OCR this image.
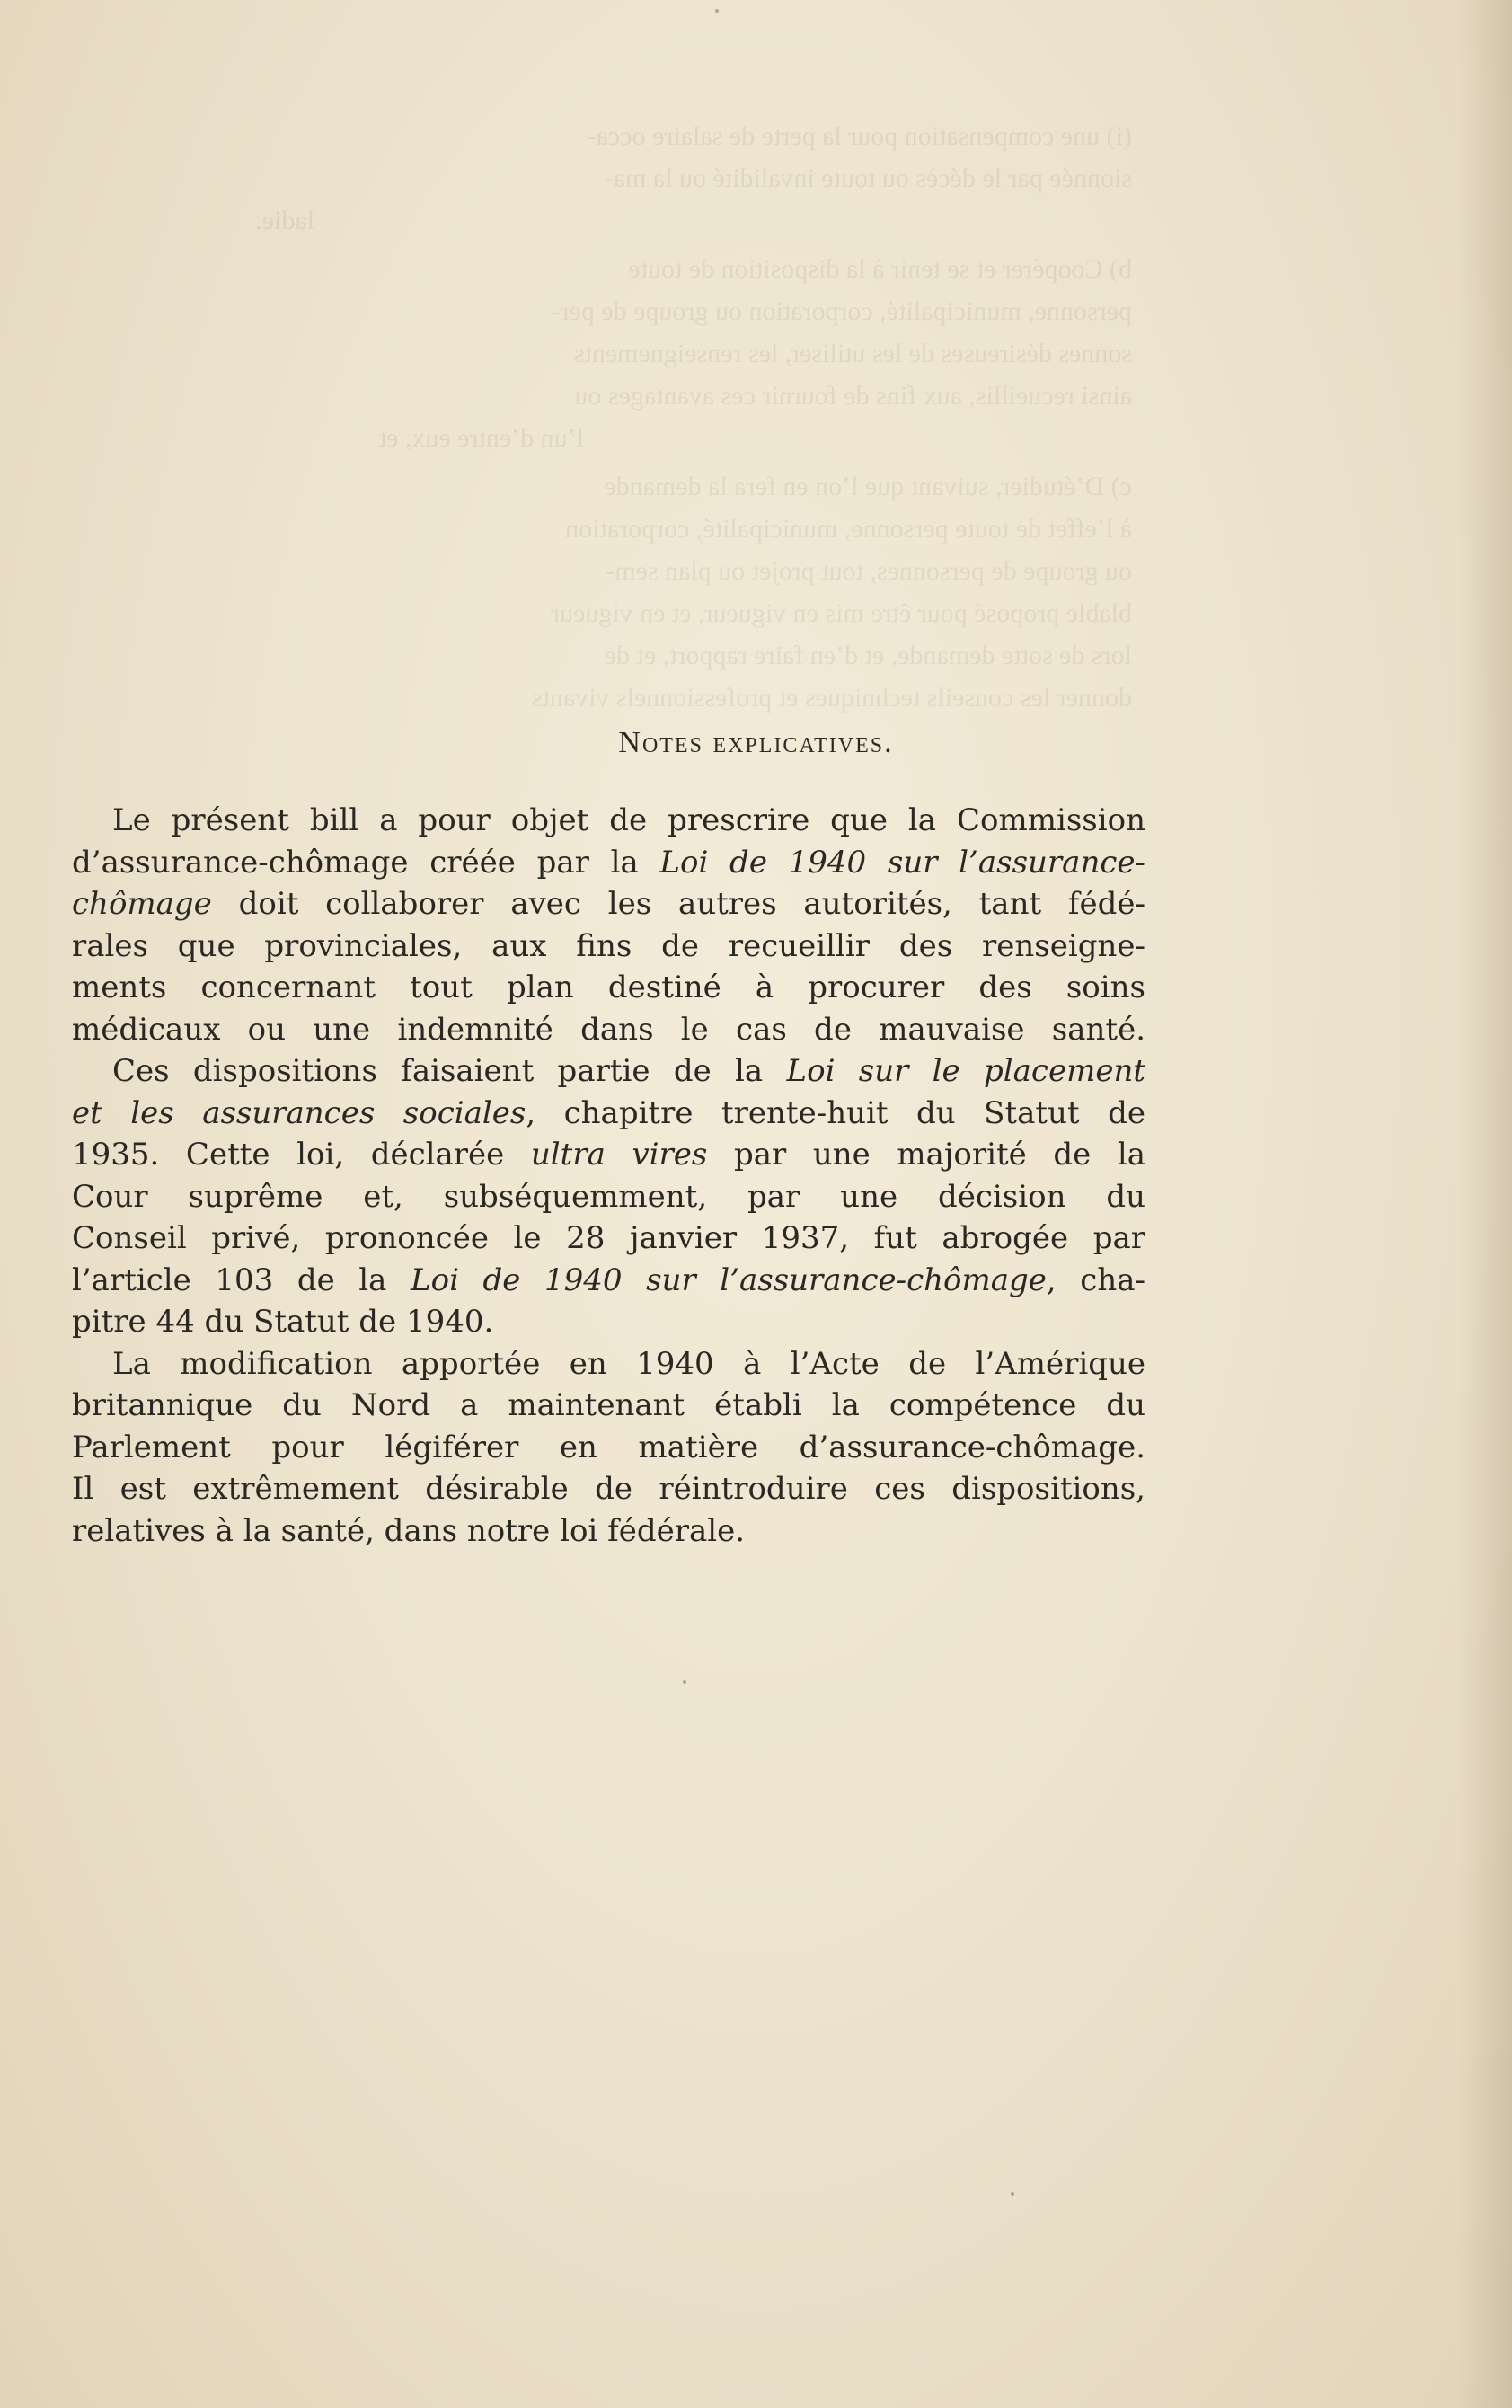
Notes explicatives.
Le présent bill a pour objet de prescrire que la Commission
d’assurance-chômage créée par la Loi de 1940 sur l’assurance-
chômage doit collaborer avec les autres autorités, tant fédé-
rales que provinciales, aux fins de recueillir des renseigne-
ments concernant tout plan destiné à procurer des soins
médicaux ou une indemnité dans le cas de mauvaise santé.
Ces dispositions faisaient partie de la Loi sur le placement
et les assurances sociales, chapitre trente-huit du Statut de
1935. Cette loi, déclarée ultra vires par une majorité de la
Cour suprême et, subséquemment, par une décision du
Conseil privé, prononcée le 28 janvier 1937, fut abrogée par
l’article 103 de la Loi de 1940 sur l’assurance-chômage, cha-
pitre 44 du Statut de 1940.
La modification apportée en 1940 à l’Acte de l’Amérique
britannique du Nord a maintenant établi la compétence du
Parlement pour légiférer en matière d’assurance-chômage.
Il est extrêmement désirable de réintroduire ces dispositions,
relatives à la santé, dans notre loi fédérale.
